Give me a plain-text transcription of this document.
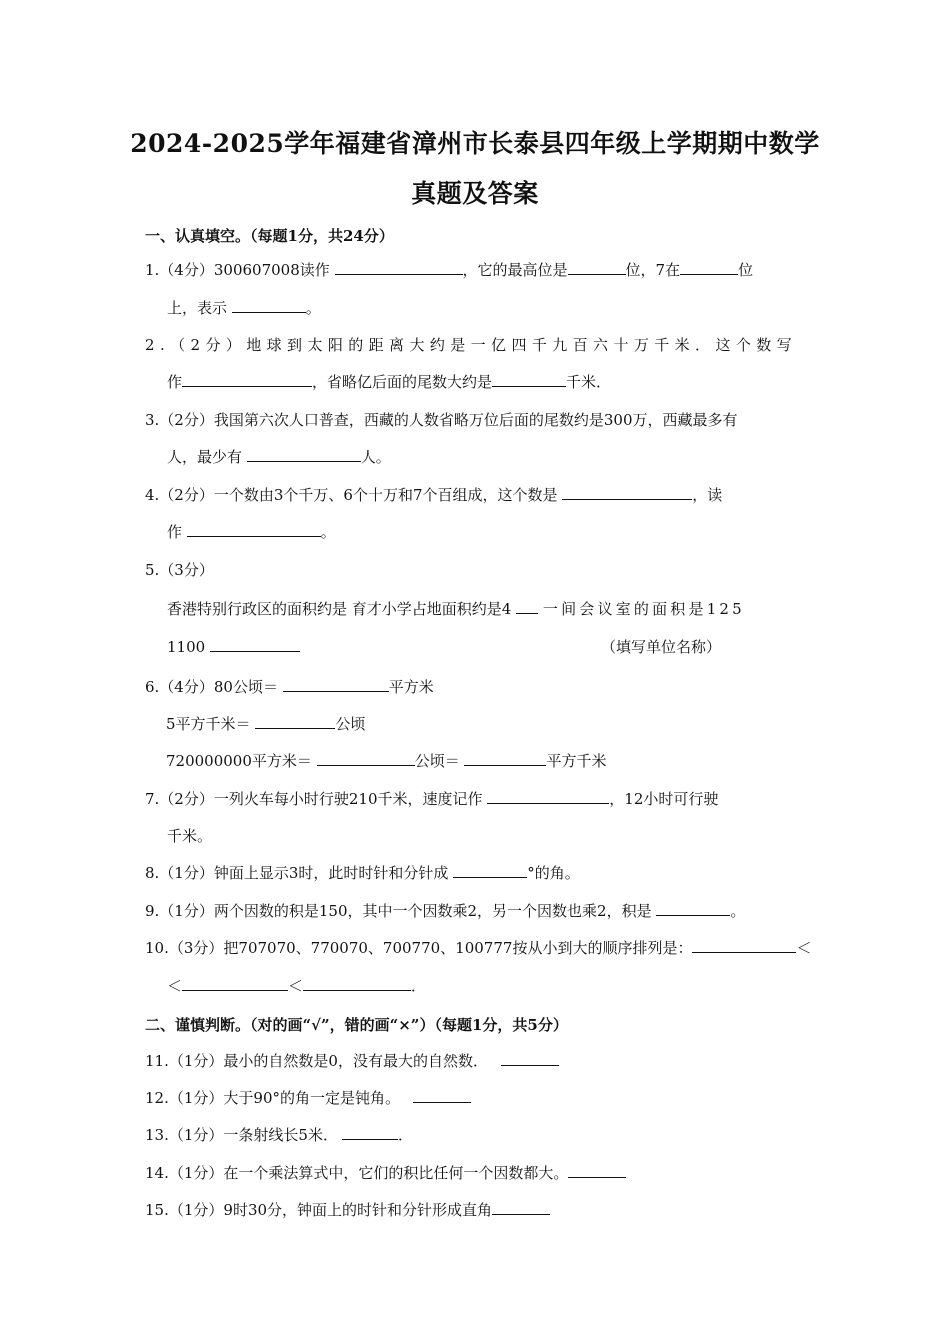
2024-2025学年福建省漳州市长泰县四年级上学期期中数学
真题及答案
一、认真填空。（每题1分，共24分）
1.（4分）300607008读作	，它的最高位是	位，7在	位
上，表示	。
2.（2分）地球到太阳的距离大约是一亿四千九百六十万千米．这个数写
作	，省略亿后面的尾数大约是	千米．
3.（2分）我国第六次人口普查，西藏的人数省略万位后面的尾数约是300万，西藏最多有
人，最少有	人。
4.（2分）一个数由3个千万、6个十万和7个百组成，这个数是	，读
作	。
5.（3分）
香港特别行政区的面积约是 育才小学占地面积约是4 一间会议室的面积是125
1100	（填写单位名称）
6.（4分）80公顷＝	平方米
5平方千米＝	公顷
720000000平方米＝	公顷＝	平方千米
7.（2分）一列火车每小时行驶210千米，速度记作	，12小时可行驶
千米。
8.（1分）钟面上显示3时，此时时针和分针成	°的角。
9.（1分）两个因数的积是150，其中一个因数乘2，另一个因数也乘2，积是	。
10.（3分）把707070、770070、700770、100777按从小到大的顺序排列是：	＜
＜	＜	．
二、谨慎判断。（对的画“√”，错的画“×”）（每题1分，共5分）
11.（1分）最小的自然数是0，没有最大的自然数．
12.（1分）大于90°的角一定是钝角。
13.（1分）一条射线长5米．	．
14.（1分）在一个乘法算式中，它们的积比任何一个因数都大。
15.（1分）9时30分，钟面上的时针和分针形成直角
